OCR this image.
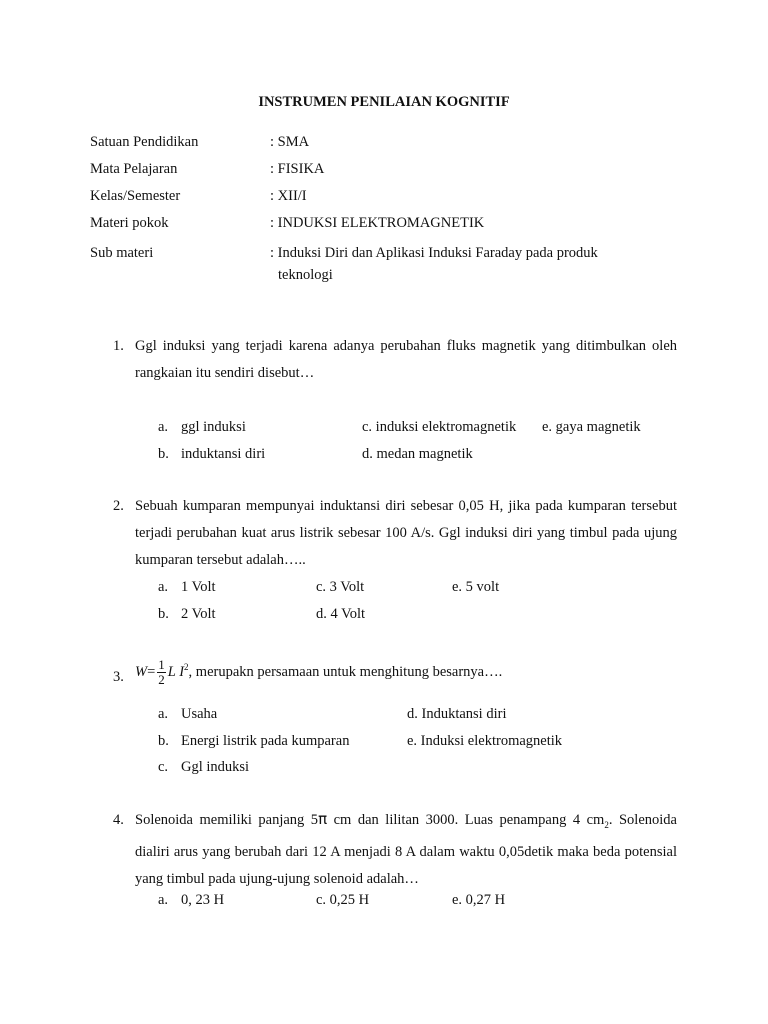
INSTRUMEN PENILAIAN KOGNITIF
Satuan Pendidikan	: SMA
Mata Pelajaran	: FISIKA
Kelas/Semester	: XII/I
Materi pokok	: INDUKSI ELEKTROMAGNETIK
Sub materi	: Induksi Diri dan Aplikasi Induksi Faraday pada produk
teknologi
1. Ggl induksi yang terjadi karena adanya perubahan fluks magnetik yang ditimbulkan oleh rangkaian itu sendiri disebut…
a. ggl induksi
b. induktansi diri
c. induksi elektromagnetik
d. medan magnetik
e. gaya magnetik
2. Sebuah kumparan mempunyai induktansi diri sebesar 0,05 H, jika pada kumparan tersebut terjadi perubahan kuat arus listrik sebesar 100 A/s. Ggl induksi diri yang timbul pada ujung kumparan tersebut adalah…..
a. 1 Volt
b. 2 Volt
c. 3 Volt
d. 4 Volt
e. 5 volt
3. $W= \frac{1}{2}$ L $I^2$, merupakn persamaan untuk menghitung besarnya….
a. Usaha
b. Energi listrik pada kumparan
c. Ggl induksi
d. Induktansi diri
e. Induksi elektromagnetik
4. Solenoida memiliki panjang 5π cm dan lilitan 3000. Luas penampang 4 $cm_2$. Solenoida dialiri arus yang berubah dari 12 A menjadi 8 A dalam waktu 0,05detik maka beda potensial yang timbul pada ujung-ujung solenoid adalah…
a. 0, 23 H	c. 0,25 H	e. 0,27 H
